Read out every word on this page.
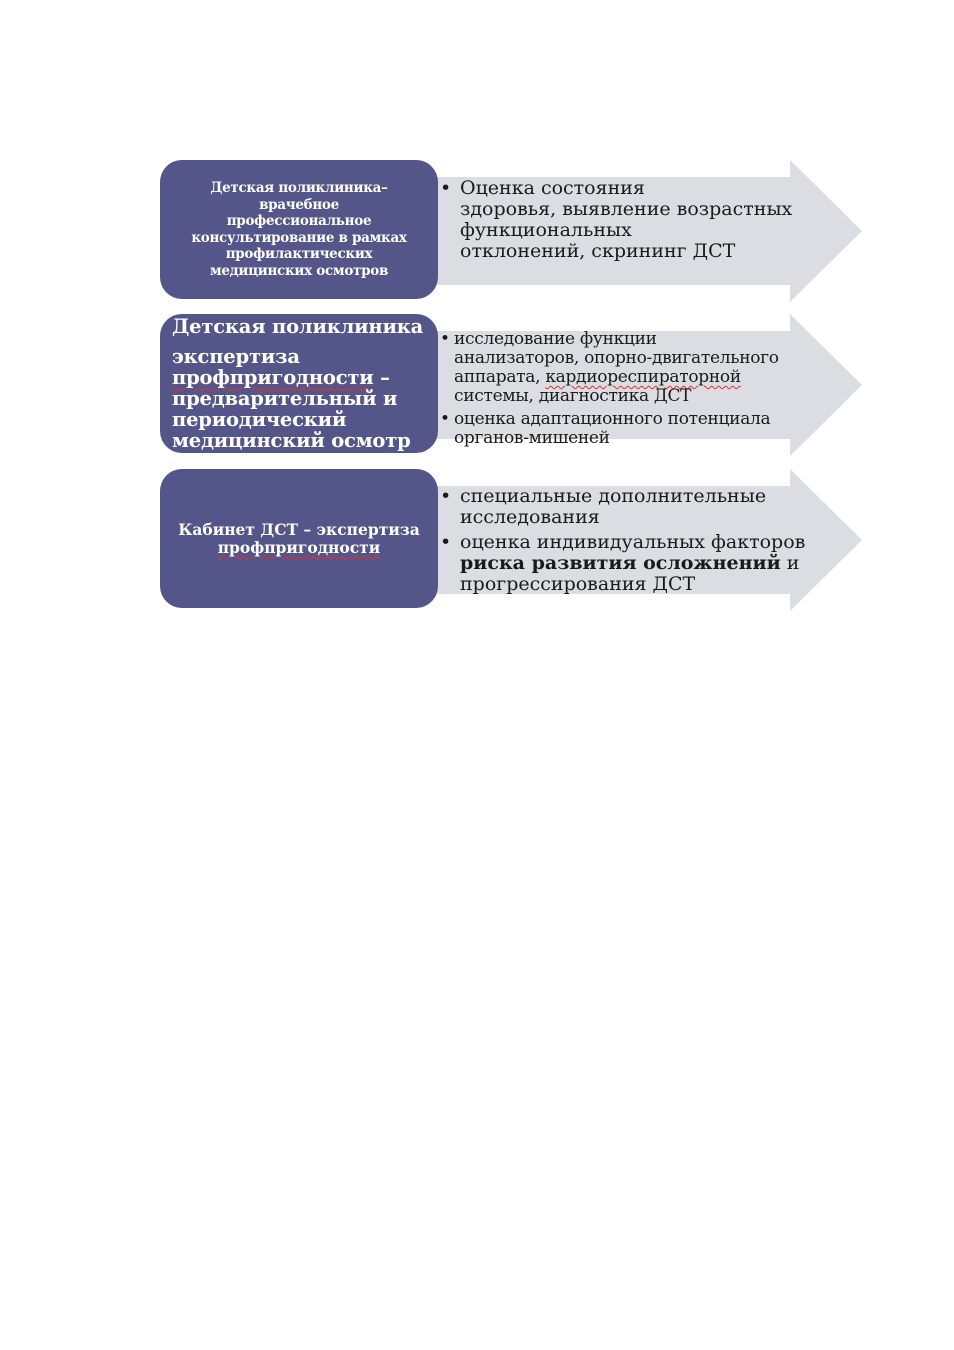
Детская поликлиника–
врачебное
профессиональное
консультирование в рамках
профилактических
медицинских осмотров
• Оценка состояния
здоровья, выявление возрастных
функциональных
отклонений, скрининг ДСТ
Детская поликлиника
экспертиза
профпригодности –
предварительный и
периодический
медицинский осмотр
• исследование функции
анализаторов, опорно-двигательного
аппарата, кардиореспираторной
системы, диагностика ДСТ
• оценка адаптационного потенциала
органов-мишеней
Кабинет ДСТ – экспертиза
профпригодности
• специальные дополнительные
исследования
• оценка индивидуальных факторов
риска развития осложнений и
прогрессирования ДСТ
